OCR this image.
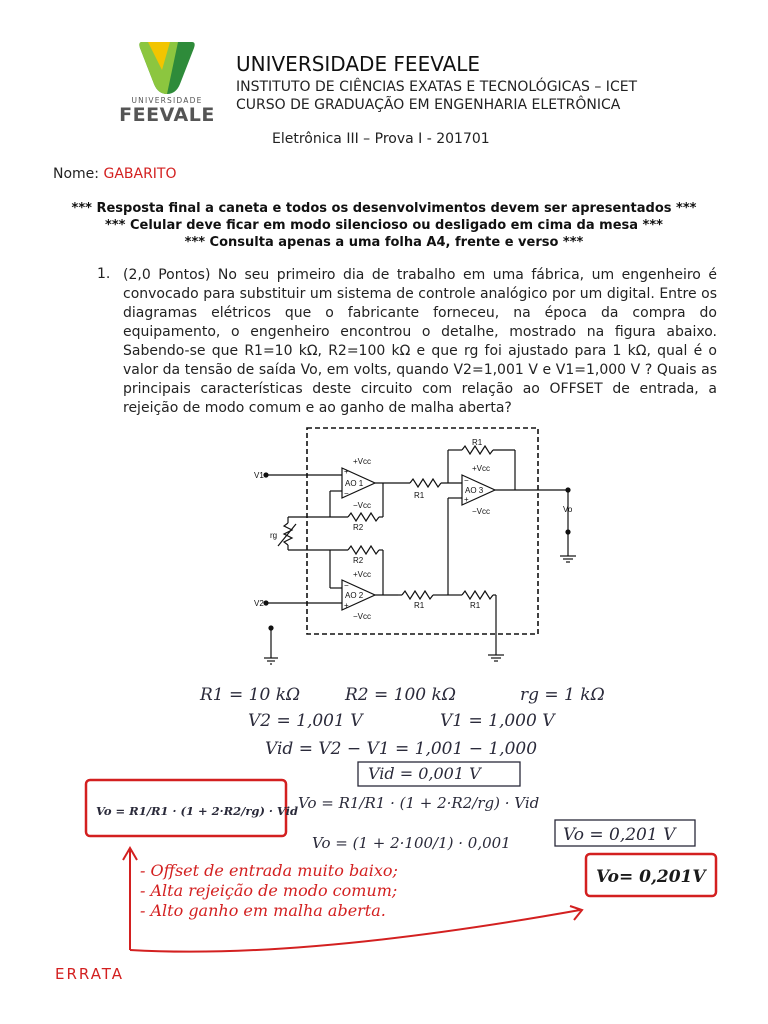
UNIVERSIDADE
FEEVALE
UNIVERSIDADE FEEVALE
INSTITUTO DE CIÊNCIAS EXATAS E TECNOLÓGICAS – ICET
CURSO DE GRADUAÇÃO EM ENGENHARIA ELETRÔNICA
Eletrônica III – Prova I - 201701
Nome: GABARITO
*** Resposta final a caneta e todos os desenvolvimentos devem ser apresentados ***
*** Celular deve ficar em modo silencioso ou desligado em cima da mesa ***
*** Consulta apenas a uma folha A4, frente e verso ***
1. (2,0 Pontos) No seu primeiro dia de trabalho em uma fábrica, um engenheiro é convocado para substituir um sistema de controle analógico por um digital. Entre os diagramas elétricos que o fabricante forneceu, na época da compra do equipamento, o engenheiro encontrou o detalhe, mostrado na figura abaixo. Sabendo-se que R1=10 kΩ, R2=100 kΩ e que rg foi ajustado para 1 kΩ, qual é o valor da tensão de saída Vo, em volts, quando V2=1,001 V e V1=1,000 V ? Quais as principais características deste circuito com relação ao OFFSET de entrada, a rejeição de modo comum e ao ganho de malha aberta?
V1
V2
Vo
rg
AO 1
AO 2
AO 3
+Vcc
−Vcc
+Vcc
−Vcc
+Vcc
−Vcc
R1
R1
R2
R2
R1	R1
+
−
−
+
−
+
R1 = 10 kΩ	R2 = 100 kΩ	rg = 1 kΩ
V2 = 1,001 V	V1 = 1,000 V
Vid = V2 − V1 = 1,001 − 1,000
Vid = 0,001 V
Vo = R1/R1 · (1 + 2·R2/rg) · Vid
Vo = (1 + 2·100/1) · 0,001	Vo = 0,201 V
Vo = R1/R1 · (1 + 2·R2/rg) · Vid
- Offset de entrada muito baixo;
- Alta rejeição de modo comum;
- Alto ganho em malha aberta.
Vo= 0,201V
ERRATA
